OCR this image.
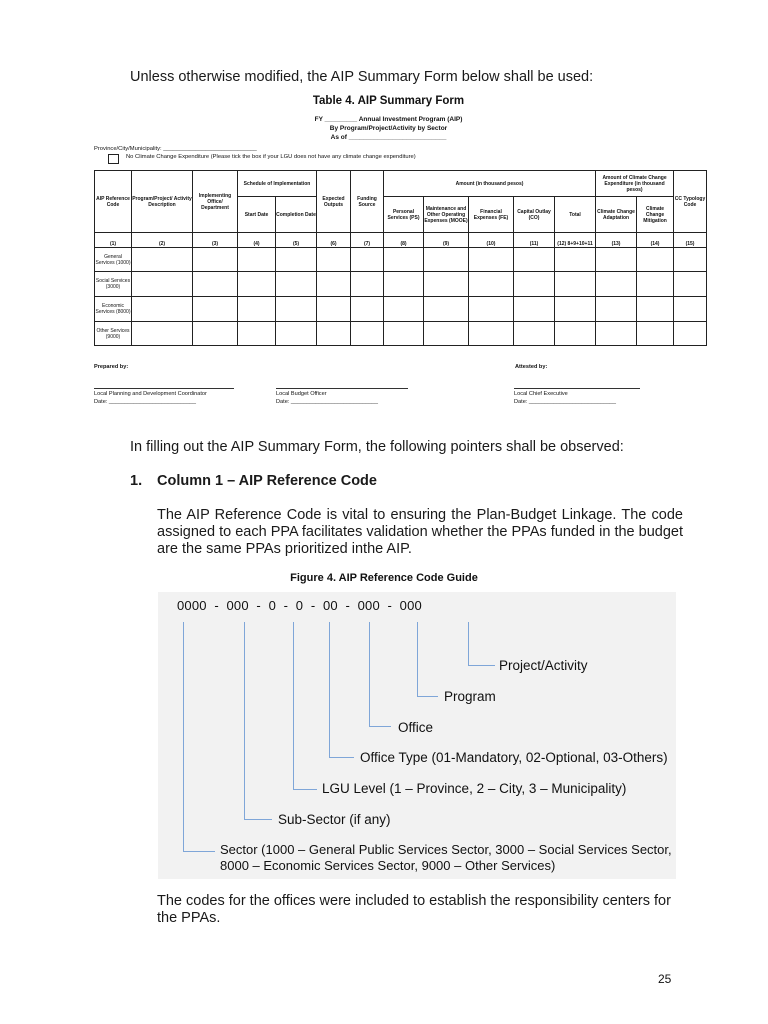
Unless otherwise modified, the AIP Summary Form below shall be used:
Table 4. AIP Summary Form
FY _________ Annual Investment Program (AIP)
By Program/Project/Activity by Sector
As of ___________________________
Province/City/Municipality: _____________________________
No Climate Change Expenditure (Please tick the box if your LGU does not have any climate change expenditure)
AIP Reference Code	Program/Project/ Activity Description	Implementing Office/ Department	Schedule of Implementation		Expected Outputs	Funding Source	Amount (in thousand pesos)					Amount of Climate Change Expenditure (in thousand pesos)		CC Typology Code
			Start Date	Completion Date			Personal Services (PS)	Maintenance and Other Operating Expenses (MOOE)	Financial Expenses (FE)	Capital Outlay (CO)	Total	Climate Change Adaptation	Climate Change Mitigation	
(1)	(2)	(3)	(4)	(5)	(6)	(7)	(8)	(9)	(10)	(11)	(12) 8+9+10+11	(13)	(14)	(15)
General Services (1000)														
Social Services (3000)														
Economic Services (8000)														
Other Services (9000)														
Prepared by:	Attested by:
Local Planning and Development Coordinator	Local Budget Officer	Local Chief Executive
Date: ____________________________	Date: ____________________________	Date: ____________________________
In filling out the AIP Summary Form, the following pointers shall be observed:
1. Column 1 – AIP Reference Code
The AIP Reference Code is vital to ensuring the Plan-Budget Linkage. The code assigned to each PPA facilitates validation whether the PPAs funded in the budget are the same PPAs prioritized inthe AIP.
Figure 4. AIP Reference Code Guide
0000  -  000  -  0  -  0  -  00  -  000  -  000
Project/Activity
Program
Office
Office Type (01-Mandatory, 02-Optional, 03-Others)
LGU Level (1 – Province, 2 – City, 3 – Municipality)
Sub-Sector (if any)
Sector (1000 – General Public Services Sector, 3000 – Social Services Sector,
8000 – Economic Services Sector, 9000 – Other Services)
The codes for the offices were included to establish the responsibility centers for the PPAs.
25
